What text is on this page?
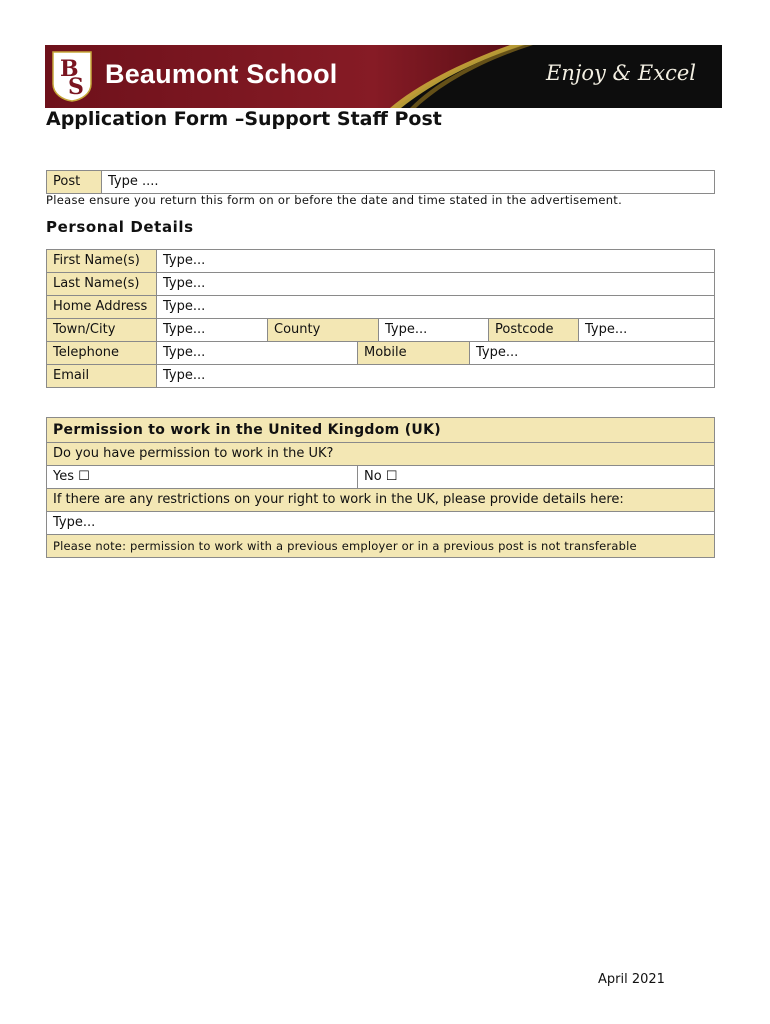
B
S Beaumont School	Enjoy & Excel
Application Form –Support Staff Post
Post	Type ....
Please ensure you return this form on or before the date and time stated in the advertisement.
Personal Details
First Name(s)	Type...						
Last Name(s)	Type...						
Home Address	Type...						
Town/City	Type...	County		Type...		Postcode	Type...
Telephone	Type...		Mobile		Type...		
Email	Type...						
Permission to work in the United Kingdom (UK)
Do you have permission to work in the UK?
Yes ☐	No ☐
If there are any restrictions on your right to work in the UK, please provide details here:
Type...
Please note: permission to work with a previous employer or in a previous post is not transferable
April 2021
